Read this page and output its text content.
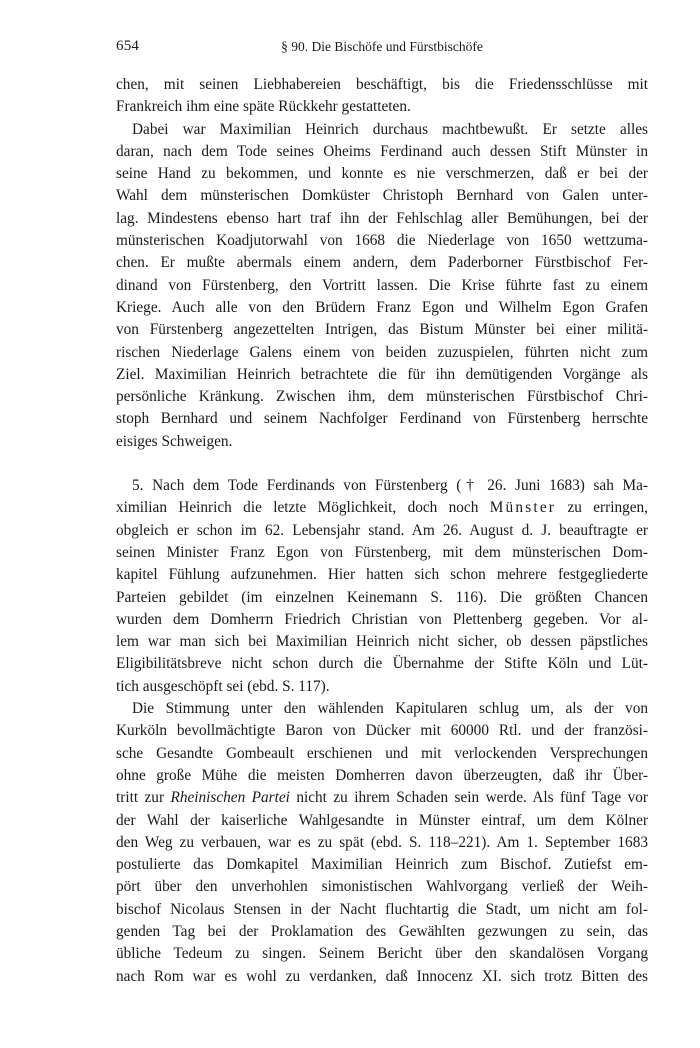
654	§ 90. Die Bischöfe und Fürstbischöfe
chen, mit seinen Liebhabereien beschäftigt, bis die Friedensschlüsse mit
Frankreich ihm eine späte Rückkehr gestatteten.
Dabei war Maximilian Heinrich durchaus machtbewußt. Er setzte alles
daran, nach dem Tode seines Oheims Ferdinand auch dessen Stift Münster in
seine Hand zu bekommen, und konnte es nie verschmerzen, daß er bei der
Wahl dem münsterischen Domküster Christoph Bernhard von Galen unter-
lag. Mindestens ebenso hart traf ihn der Fehlschlag aller Bemühungen, bei der
münsterischen Koadjutorwahl von 1668 die Niederlage von 1650 wettzuma-
chen. Er mußte abermals einem andern, dem Paderborner Fürstbischof Fer-
dinand von Fürstenberg, den Vortritt lassen. Die Krise führte fast zu einem
Kriege. Auch alle von den Brüdern Franz Egon und Wilhelm Egon Grafen
von Fürstenberg angezettelten Intrigen, das Bistum Münster bei einer militä-
rischen Niederlage Galens einem von beiden zuzuspielen, führten nicht zum
Ziel. Maximilian Heinrich betrachtete die für ihn demütigenden Vorgänge als
persönliche Kränkung. Zwischen ihm, dem münsterischen Fürstbischof Chri-
stoph Bernhard und seinem Nachfolger Ferdinand von Fürstenberg herrschte
eisiges Schweigen.
5. Nach dem Tode Ferdinands von Fürstenberg († 26. Juni 1683) sah Ma-
ximilian Heinrich die letzte Möglichkeit, doch noch Münster zu erringen,
obgleich er schon im 62. Lebensjahr stand. Am 26. August d. J. beauftragte er
seinen Minister Franz Egon von Fürstenberg, mit dem münsterischen Dom-
kapitel Fühlung aufzunehmen. Hier hatten sich schon mehrere festgegliederte
Parteien gebildet (im einzelnen Keinemann S. 116). Die größten Chancen
wurden dem Domherrn Friedrich Christian von Plettenberg gegeben. Vor al-
lem war man sich bei Maximilian Heinrich nicht sicher, ob dessen päpstliches
Eligibilitätsbreve nicht schon durch die Übernahme der Stifte Köln und Lüt-
tich ausgeschöpft sei (ebd. S. 117).
Die Stimmung unter den wählenden Kapitularen schlug um, als der von
Kurköln bevollmächtigte Baron von Dücker mit 60000 Rtl. und der französi-
sche Gesandte Gombeault erschienen und mit verlockenden Versprechungen
ohne große Mühe die meisten Domherren davon überzeugten, daß ihr Über-
tritt zur Rheinischen Partei nicht zu ihrem Schaden sein werde. Als fünf Tage vor
der Wahl der kaiserliche Wahlgesandte in Münster eintraf, um dem Kölner
den Weg zu verbauen, war es zu spät (ebd. S. 118–221). Am 1. September 1683
postulierte das Domkapitel Maximilian Heinrich zum Bischof. Zutiefst em-
pört über den unverhohlen simonistischen Wahlvorgang verließ der Weih-
bischof Nicolaus Stensen in der Nacht fluchtartig die Stadt, um nicht am fol-
genden Tag bei der Proklamation des Gewählten gezwungen zu sein, das
übliche Tedeum zu singen. Seinem Bericht über den skandalösen Vorgang
nach Rom war es wohl zu verdanken, daß Innocenz XI. sich trotz Bitten des
